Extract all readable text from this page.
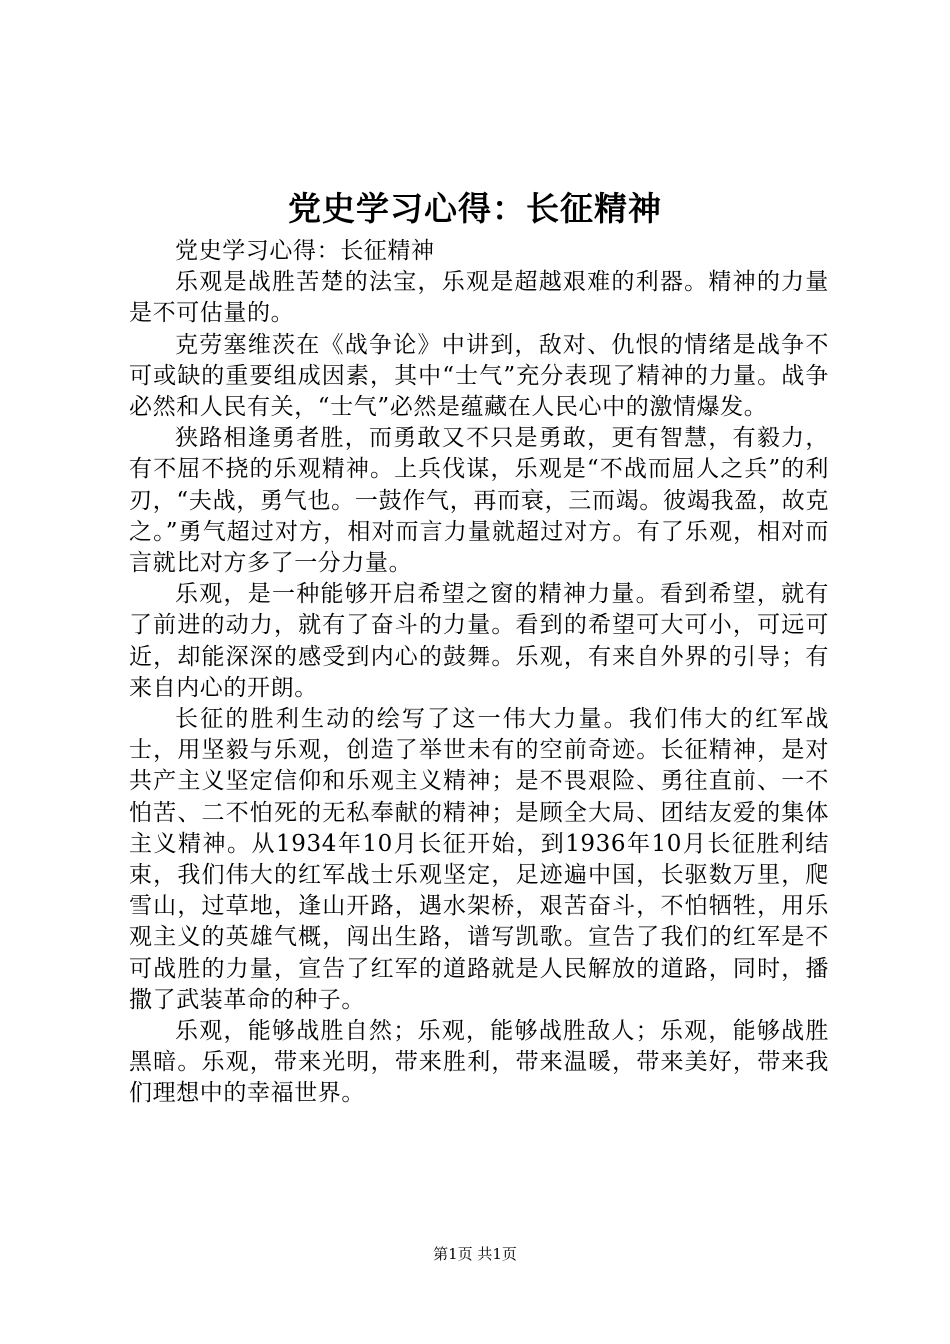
党史学习心得：长征精神

党史学习心得：长征精神

乐观是战胜苦楚的法宝，乐观是超越艰难的利器。精神的力量是不可估量的。

克劳塞维茨在《战争论》中讲到，敌对、仇恨的情绪是战争不可或缺的重要组成因素，其中“士气”充分表现了精神的力量。战争必然和人民有关，“士气”必然是蕴藏在人民心中的激情爆发。

狭路相逢勇者胜，而勇敢又不只是勇敢，更有智慧，有毅力，有不屈不挠的乐观精神。上兵伐谋，乐观是“不战而屈人之兵”的利刃，“夫战，勇气也。一鼓作气，再而衰，三而竭。彼竭我盈，故克之。”勇气超过对方，相对而言力量就超过对方。有了乐观，相对而言就比对方多了一分力量。

乐观，是一种能够开启希望之窗的精神力量。看到希望，就有了前进的动力，就有了奋斗的力量。看到的希望可大可小，可远可近，却能深深的感受到内心的鼓舞。乐观，有来自外界的引导；有来自内心的开朗。

长征的胜利生动的绘写了这一伟大力量。我们伟大的红军战士，用坚毅与乐观，创造了举世未有的空前奇迹。长征精神，是对共产主义坚定信仰和乐观主义精神；是不畏艰险、勇往直前、一不怕苦、二不怕死的无私奉献的精神；是顾全大局、团结友爱的集体主义精神。从1934年10月长征开始，到1936年10月长征胜利结束，我们伟大的红军战士乐观坚定，足迹遍中国，长驱数万里，爬雪山，过草地，逢山开路，遇水架桥，艰苦奋斗，不怕牺牲，用乐观主义的英雄气概，闯出生路，谱写凯歌。宣告了我们的红军是不可战胜的力量，宣告了红军的道路就是人民解放的道路，同时，播撒了武装革命的种子。

乐观，能够战胜自然；乐观，能够战胜敌人；乐观，能够战胜黑暗。乐观，带来光明，带来胜利，带来温暖，带来美好，带来我们理想中的幸福世界。

第1页 共1页
